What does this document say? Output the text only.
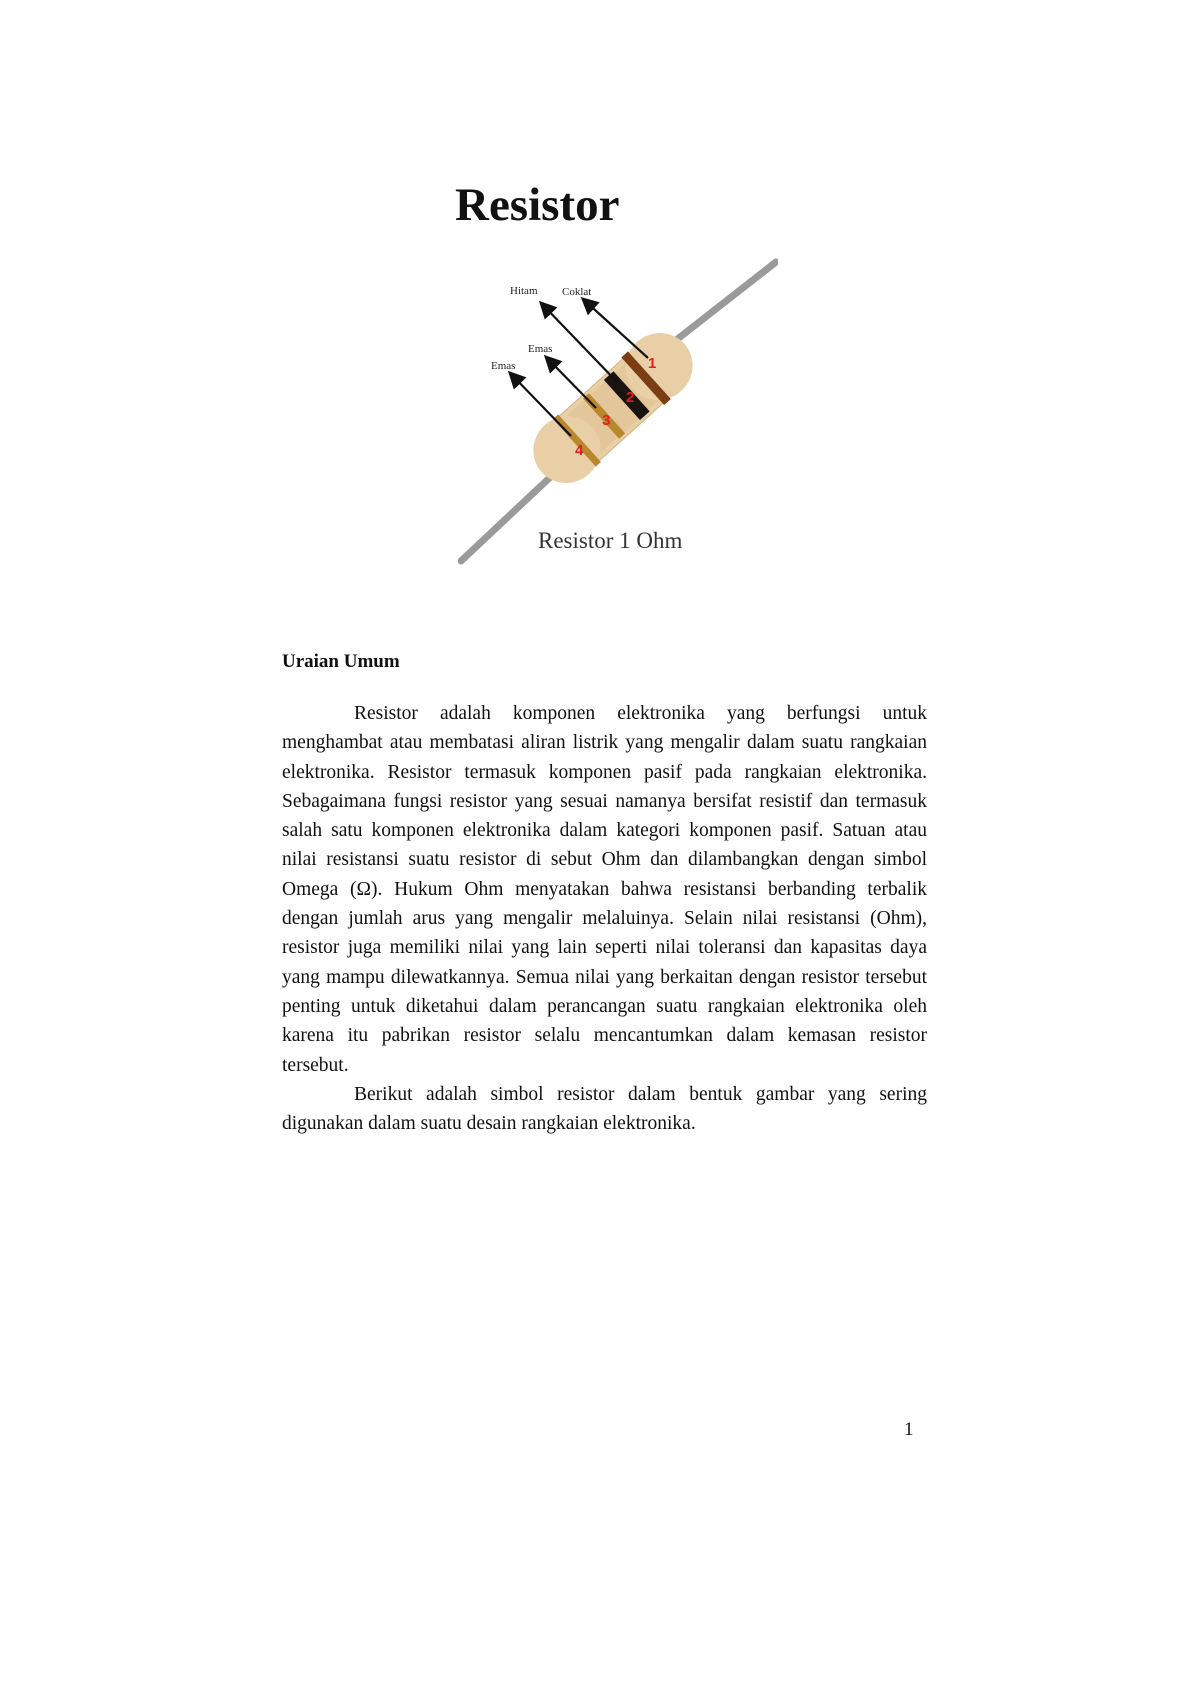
Resistor
Hitam Coklat
Emas
Emas	1
2
3
4
Resistor 1 Ohm
Uraian Umum

Resistor adalah komponen elektronika yang berfungsi untuk menghambat atau membatasi aliran listrik yang mengalir dalam suatu rangkaian elektronika. Resistor termasuk komponen pasif pada rangkaian elektronika. Sebagaimana fungsi resistor yang sesuai namanya bersifat resistif dan termasuk salah satu komponen elektronika dalam kategori komponen pasif. Satuan atau nilai resistansi suatu resistor di sebut Ohm dan dilambangkan dengan simbol Omega (Ω). Hukum Ohm menyatakan bahwa resistansi berbanding terbalik dengan jumlah arus yang mengalir melaluinya. Selain nilai resistansi (Ohm), resistor juga memiliki nilai yang lain seperti nilai toleransi dan kapasitas daya yang mampu dilewatkannya. Semua nilai yang berkaitan dengan resistor tersebut penting untuk diketahui dalam perancangan suatu rangkaian elektronika oleh karena itu pabrikan resistor selalu mencantumkan dalam kemasan resistor tersebut.

Berikut adalah simbol resistor dalam bentuk gambar yang sering digunakan dalam suatu desain rangkaian elektronika.

1
